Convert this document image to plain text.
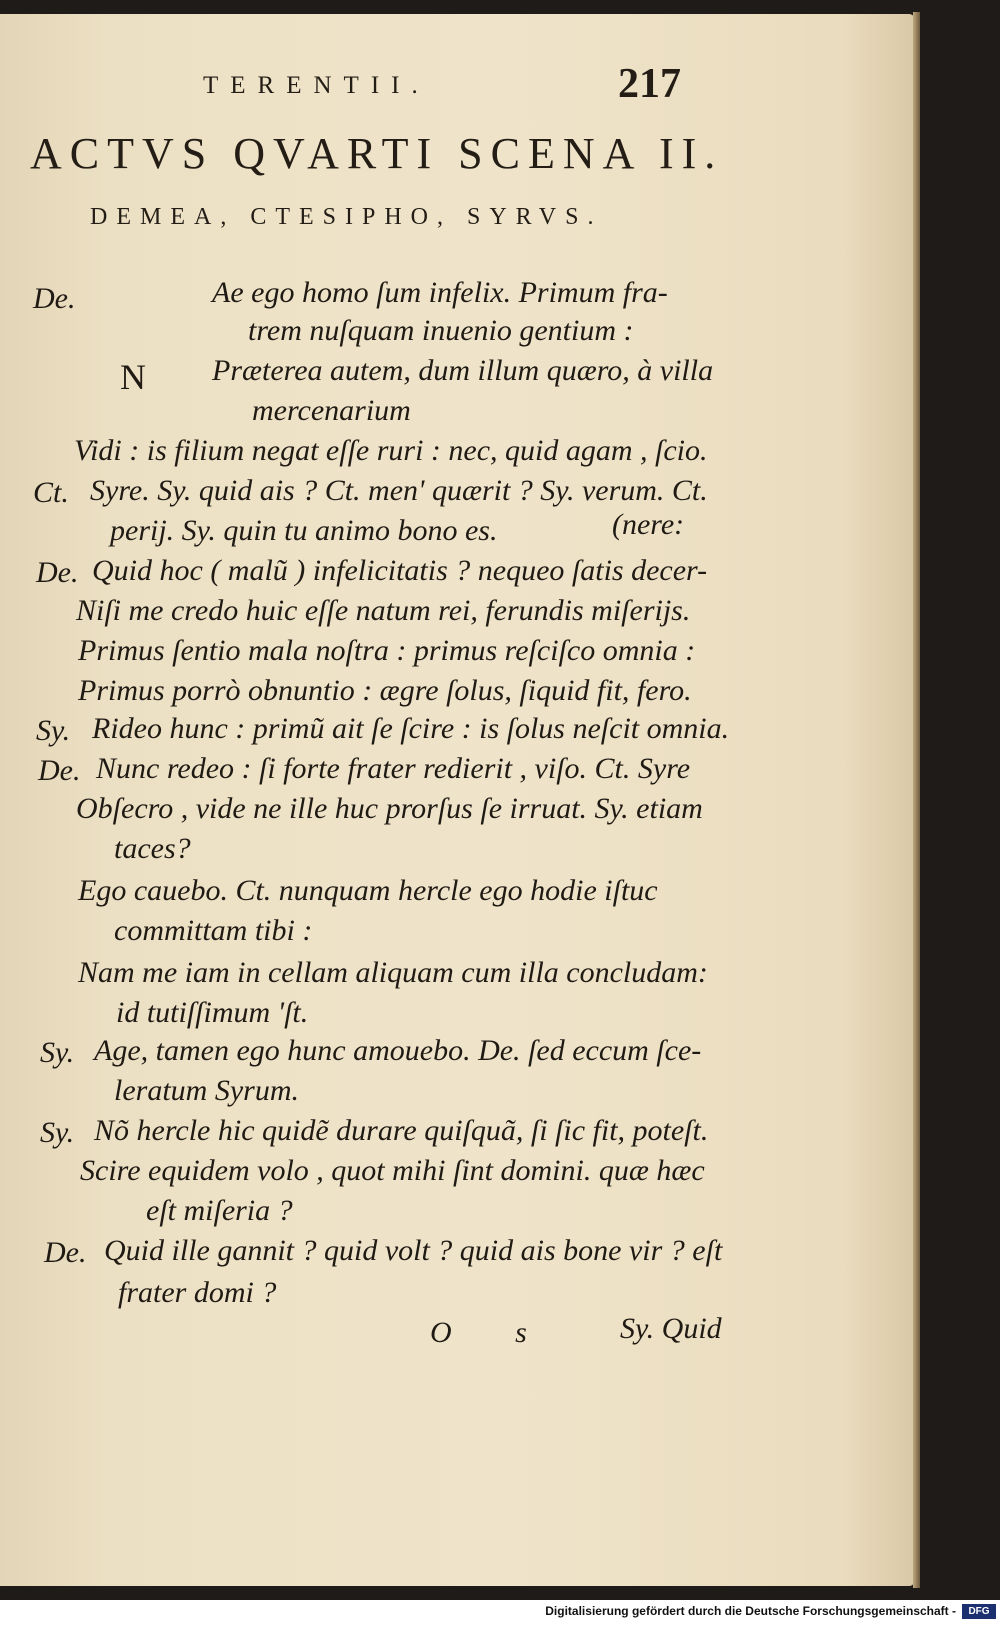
TERENTII.	217
ACTVS QVARTI SCENA II.
DEMEA, CTESIPHO, SYRVS.
De.	Ae ego homo ſum infelix. Primum fra-
trem nuſquam inuenio gentium :
N Præterea autem, dum illum quæro, à villa
mercenarium
Vidi : is filium negat eſſe ruri : nec, quid agam , ſcio.
Ct. Syre. Sy. quid ais ? Ct. men' quærit ? Sy. verum. Ct.
perij. Sy. quin tu animo bono es.	(nere:
De. Quid hoc ( malũ ) infelicitatis ? nequeo ſatis decer-
Niſi me credo huic eſſe natum rei, ferundis miſerijs.
Primus ſentio mala noſtra : primus reſciſco omnia :
Primus porrò obnuntio : ægre ſolus, ſiquid fit, fero.
Sy. Rideo hunc : primũ ait ſe ſcire : is ſolus neſcit omnia.
De. Nunc redeo : ſi forte frater redierit , viſo. Ct. Syre
Obſecro , vide ne ille huc prorſus ſe irruat. Sy. etiam
taces?
Ego cauebo. Ct. nunquam hercle ego hodie iſtuc
committam tibi :
Nam me iam in cellam aliquam cum illa concludam:
id tutiſſimum 'ſt.
Sy. Age, tamen ego hunc amouebo. De. ſed eccum ſce-
leratum Syrum.
Sy. Nõ hercle hic quidẽ durare quiſquã, ſi ſic fit, poteſt.
Scire equidem volo , quot mihi ſint domini. quæ hæc
eſt miſeria ?
De. Quid ille gannit ? quid volt ? quid ais bone vir ? eſt
frater domi ?
O s Sy. Quid
Digitalisierung gefördert durch die Deutsche Forschungsgemeinschaft -	DFG
